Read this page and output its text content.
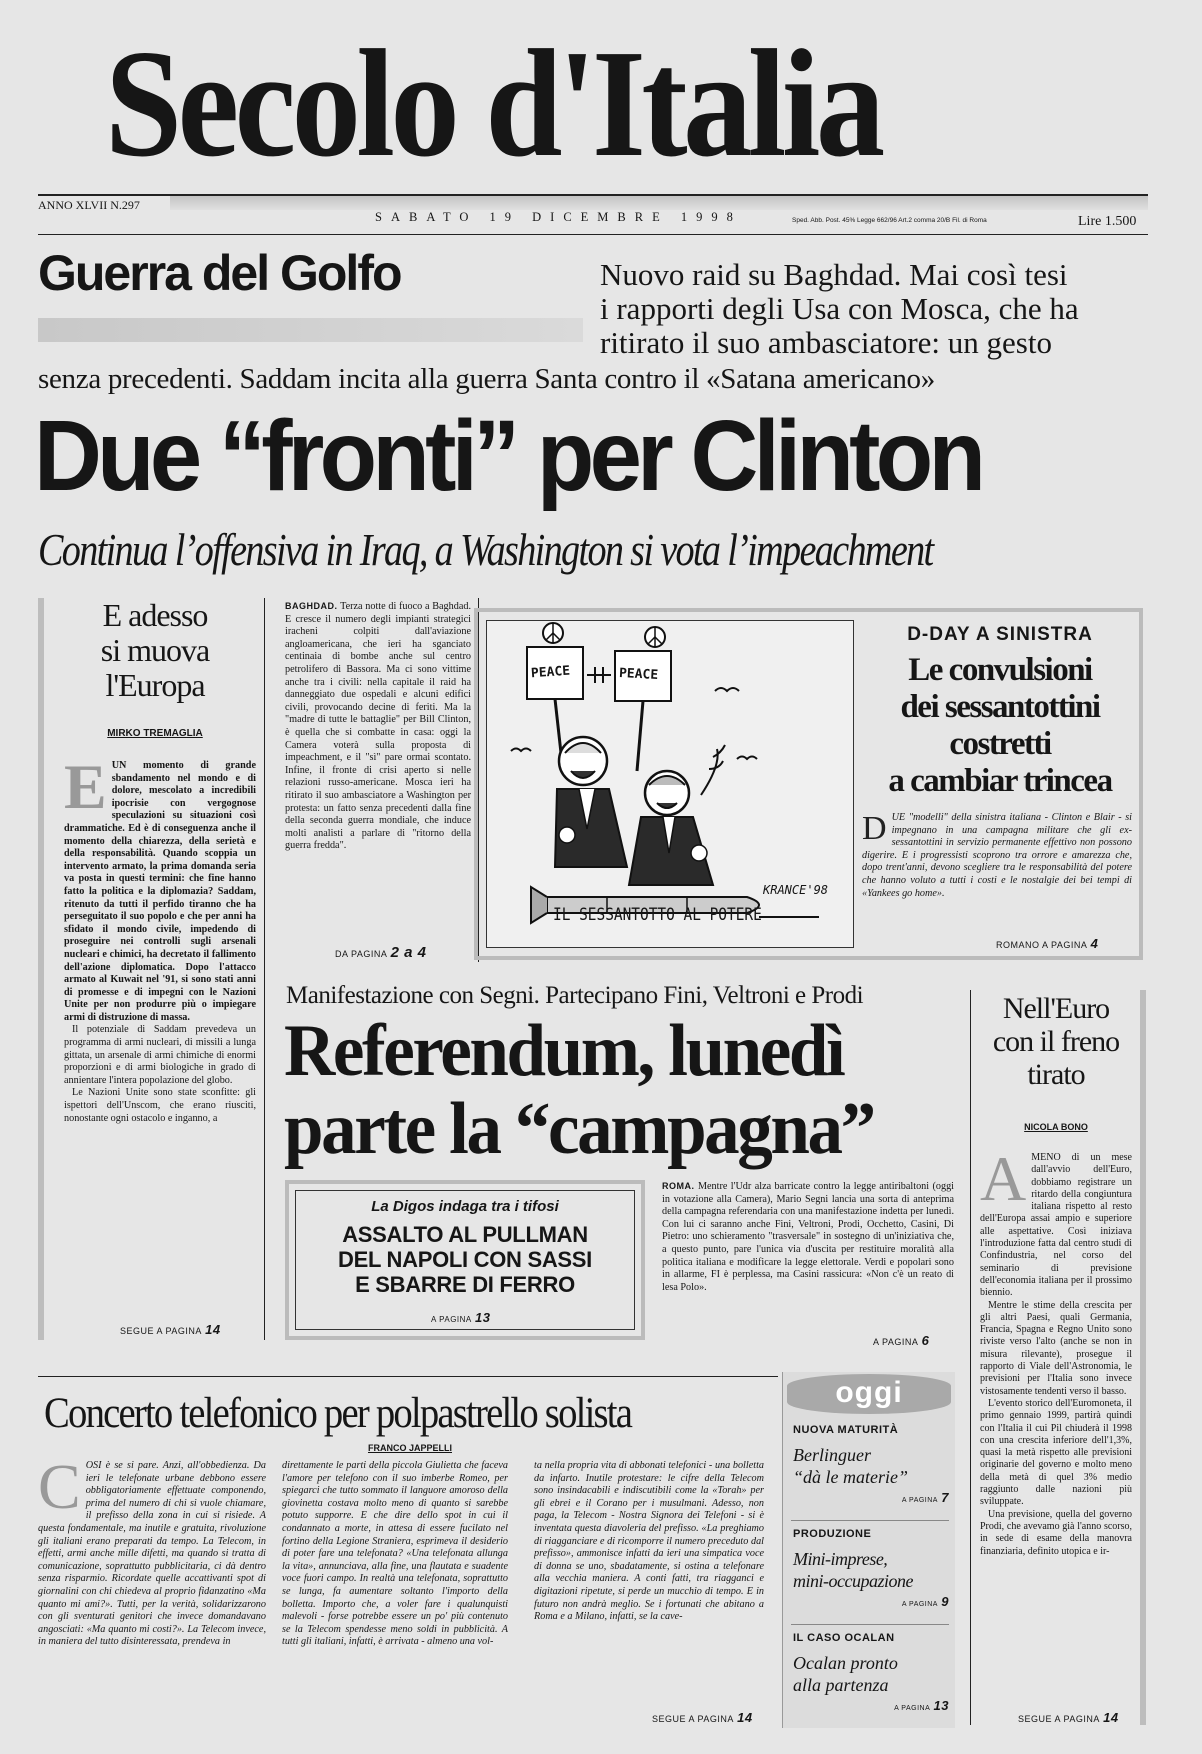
Secolo d'Italia
ANNO XLVII N.297
SABATO 19 DICEMBRE 1998	Sped. Abb. Post. 45% Legge 662/96 Art.2 comma 20/B Fil. di Roma	Lire 1.500
Guerra del Golfo	Nuovo raid su Baghdad. Mai così tesi
i rapporti degli Usa con Mosca, che ha
ritirato il suo ambasciatore: un gesto
senza precedenti. Saddam incita alla guerra Santa contro il «Satana americano»
Due “fronti” per Clinton
Continua l’offensiva in Iraq, a Washington si vota l’impeachment
E adesso
si muova
l'Europa
MIRKO TREMAGLIA
E UN momento di grande sbandamento nel mondo e di dolore, mescolato a incredibili ipocrisie con vergognose speculazioni su situazioni così drammatiche. Ed è di conseguenza anche il momento della chiarezza, della serietà e della responsabilità. Quando scoppia un intervento armato, la prima domanda seria va posta in questi termini: che fine hanno fatto la politica e la diplomazia? Saddam, ritenuto da tutti il perfido tiranno che ha perseguitato il suo popolo e che per anni ha sfidato il mondo civile, impedendo di proseguire nei controlli sugli arsenali nucleari e chimici, ha decretato il fallimento dell'azione diplomatica. Dopo l'attacco armato al Kuwait nel '91, si sono stati anni di promesse e di impegni con le Nazioni Unite per non produrre più o impiegare armi di distruzione di massa.

Il potenziale di Saddam prevedeva un programma di armi nucleari, di missili a lunga gittata, un arsenale di armi chimiche di enormi proporzioni e di armi biologiche in grado di annientare l'intera popolazione del globo.

Le Nazioni Unite sono state sconfitte: gli ispettori dell'Unscom, che erano riusciti, nonostante ogni ostacolo e inganno, a

SEGUE A PAGINA 14

BAGHDAD. Terza notte di fuoco a Baghdad. E cresce il numero degli impianti strategici iracheni colpiti dall'aviazione angloamericana, che ieri ha sganciato centinaia di bombe anche sul centro petrolifero di Bassora. Ma ci sono vittime anche tra i civili: nella capitale il raid ha danneggiato due ospedali e alcuni edifici civili, provocando decine di feriti. Ma la "madre di tutte le battaglie" per Bill Clinton, è quella che si combatte in casa: oggi la Camera voterà sulla proposta di impeachment, e il "sì" pare ormai scontato. Infine, il fronte di crisi aperto si nelle relazioni russo-americane. Mosca ieri ha ritirato il suo ambasciatore a Washington per protesta: un fatto senza precedenti dalla fine della seconda guerra mondiale, che induce molti analisti a parlare di "ritorno della guerra fredda".

DA PAGINA 2 a 4
PEACE	PEACE
IL SESSANTOTTO AL POTERE
KRANCE'98
D-DAY A SINISTRA
Le convulsioni
dei sessantottini
costretti
a cambiar trincea
D UE "modelli" della sinistra italiana - Clinton e Blair - si impegnano in una campagna militare che gli ex-sessantottini in servizio permanente effettivo non possono digerire. E i progressisti scoprono tra orrore e amarezza che, dopo trent'anni, devono scegliere tra le responsabilità del potere che hanno voluto a tutti i costi e le nostalgie dei bei tempi di «Yankees go home».
ROMANO A PAGINA 4
Manifestazione con Segni. Partecipano Fini, Veltroni e Prodi
Referendum, lunedì
parte la “campagna”
La Digos indaga tra i tifosi
ASSALTO AL PULLMAN
DEL NAPOLI CON SASSI
E SBARRE DI FERRO
A PAGINA 13

ROMA. Mentre l'Udr alza barricate contro la legge antiribaltoni (oggi in votazione alla Camera), Mario Segni lancia una sorta di anteprima della campagna referendaria con una manifestazione indetta per lunedì. Con lui ci saranno anche Fini, Veltroni, Prodi, Occhetto, Casini, Di Pietro: uno schieramento "trasversale" in sostegno di un'iniziativa che, a questo punto, pare l'unica via d'uscita per restituire moralità alla politica italiana e modificare la legge elettorale. Verdi e popolari sono in allarme, FI è perplessa, ma Casini rassicura: «Non c'è un reato di lesa Polo».

A PAGINA 6
Nell'Euro
con il freno
tirato
NICOLA BONO
A MENO di un mese dall'avvio dell'Euro, dobbiamo registrare un ritardo della congiuntura italiana rispetto al resto dell'Europa assai ampio e superiore alle aspettative. Così iniziava l'introduzione fatta dal centro studi di Confindustria, nel corso del seminario di previsione dell'economia italiana per il prossimo biennio.

Mentre le stime della crescita per gli altri Paesi, quali Germania, Francia, Spagna e Regno Unito sono riviste verso l'alto (anche se non in misura rilevante), prosegue il rapporto di Viale dell'Astronomia, le previsioni per l'Italia sono invece vistosamente tendenti verso il basso.

L'evento storico dell'Euromoneta, il primo gennaio 1999, partirà quindi con l'Italia il cui Pil chiuderà il 1998 con una crescita inferiore dell'1,3%, quasi la metà rispetto alle previsioni originarie del governo e molto meno della metà di quel 3% medio raggiunto dalle nazioni più sviluppate.

Una previsione, quella del governo Prodi, che avevamo già l'anno scorso, in sede di esame della manovra finanziaria, definito utopica e ir-

SEGUE A PAGINA 14
Concerto telefonico per polpastrello solista
FRANCO JAPPELLI
C OSI è se si pare. Anzi, all'obbedienza. Da ieri le telefonate urbane debbono essere obbligatoriamente effettuate componendo, prima del numero di chi si vuole chiamare, il prefisso della zona in cui si risiede. A questa fondamentale, ma inutile e gratuita, rivoluzione gli italiani erano preparati da tempo. La Telecom, in effetti, armi anche mille difetti, ma quando si tratta di comunicazione, soprattutto pubblicitaria, ci dà dentro senza risparmio. Ricordate quelle accattivanti spot di giornalini con chi chiedeva al proprio fidanzatino «Ma quanto mi ami?». Tutti, per la verità, solidarizzarono con gli sventurati genitori che invece domandavano angosciati: «Ma quanto mi costi?». La Telecom invece, in maniera del tutto disinteressata, prendeva in
direttamente le parti della piccola Giulietta che faceva l'amore per telefono con il suo imberbe Romeo, per spiegarci che tutto sommato il languore amoroso della giovinetta costava molto meno di quanto si sarebbe potuto supporre. E che dire dello spot in cui il condannato a morte, in attesa di essere fucilato nel fortino della Legione Straniera, esprimeva il desiderio di poter fare una telefonata? «Una telefonata allunga la vita», annunciava, alla fine, una flautata e suadente voce fuori campo. In realtà una telefonata, soprattutto se lunga, fa aumentare soltanto l'importo della bolletta. Importo che, a voler fare i qualunquisti malevoli - forse potrebbe essere un po' più contenuto se la Telecom spendesse meno soldi in pubblicità. A tutti gli italiani, infatti, è arrivata - almeno una vol-
ta nella propria vita di abbonati telefonici - una bolletta da infarto. Inutile protestare: le cifre della Telecom sono insindacabili e indiscutibili come la «Torah» per gli ebrei e il Corano per i musulmani. Adesso, non paga, la Telecom - Nostra Signora dei Telefoni - si è inventata questa diavoleria del prefisso. «La preghiamo di riagganciare e di ricomporre il numero preceduto dal prefisso», ammonisce infatti da ieri una simpatica voce di donna se uno, sbadatamente, si ostina a telefonare alla vecchia maniera. A conti fatti, tra riagganci e digitazioni ripetute, si perde un mucchio di tempo. E in futuro non andrà meglio. Se i fortunati che abitano a Roma e a Milano, infatti, se la cave-
SEGUE A PAGINA 14
oggi
NUOVA MATURITÀ
Berlinguer
“dà le materie”
A PAGINA 7
PRODUZIONE
Mini-imprese,
mini-occupazione
A PAGINA 9
IL CASO OCALAN
Ocalan pronto
alla partenza
A PAGINA 13
